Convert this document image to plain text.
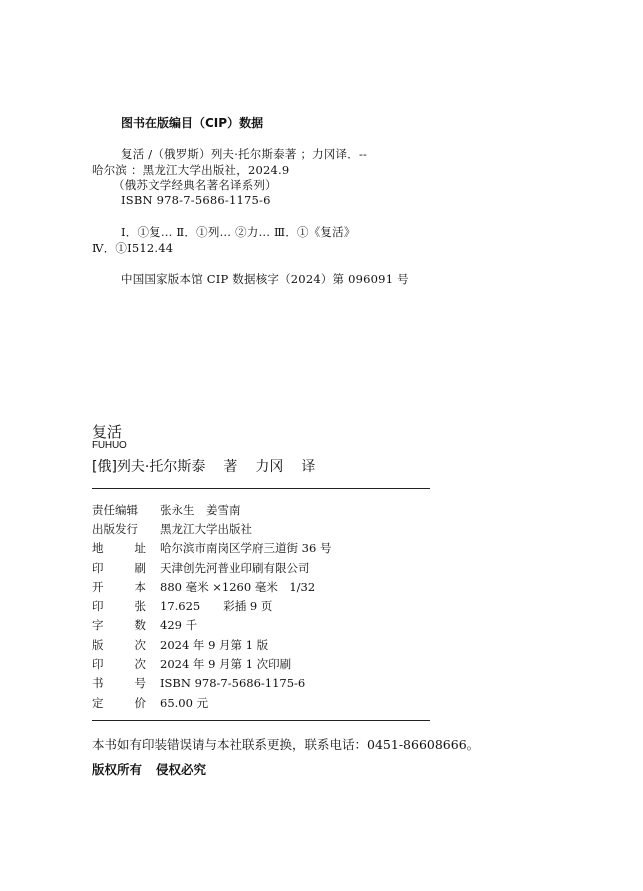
图书在版编目（CIP）数据
复活 /（俄罗斯）列夫·托尔斯泰著 ；力冈译．--
哈尔滨 ：黑龙江大学出版社，2024.9
（俄苏文学经典名著名译系列）
ISBN 978-7-5686-1175-6
Ⅰ．①复… Ⅱ．①列… ②力… Ⅲ．①《复活》
Ⅳ．①I512.44
中国国家版本馆 CIP 数据核字（2024）第 096091 号
复活
FUHUO
[俄]列夫·托尔斯泰 著 力冈 译
责任编辑 张永生　姜雪南
出版发行 黑龙江大学出版社
地	址 哈尔滨市南岗区学府三道街 36 号
印	刷 天津创先河普业印刷有限公司
开	本 880 毫米 ×1260 毫米　1/32
印	张 17.625　　彩插 9 页
字	数 429 千
版	次 2024 年 9 月第 1 版
印	次 2024 年 9 月第 1 次印刷
书	号 ISBN 978-7-5686-1175-6
定	价 65.00 元
本书如有印装错误请与本社联系更换，联系电话：0451-86608666。
版权所有 侵权必究
